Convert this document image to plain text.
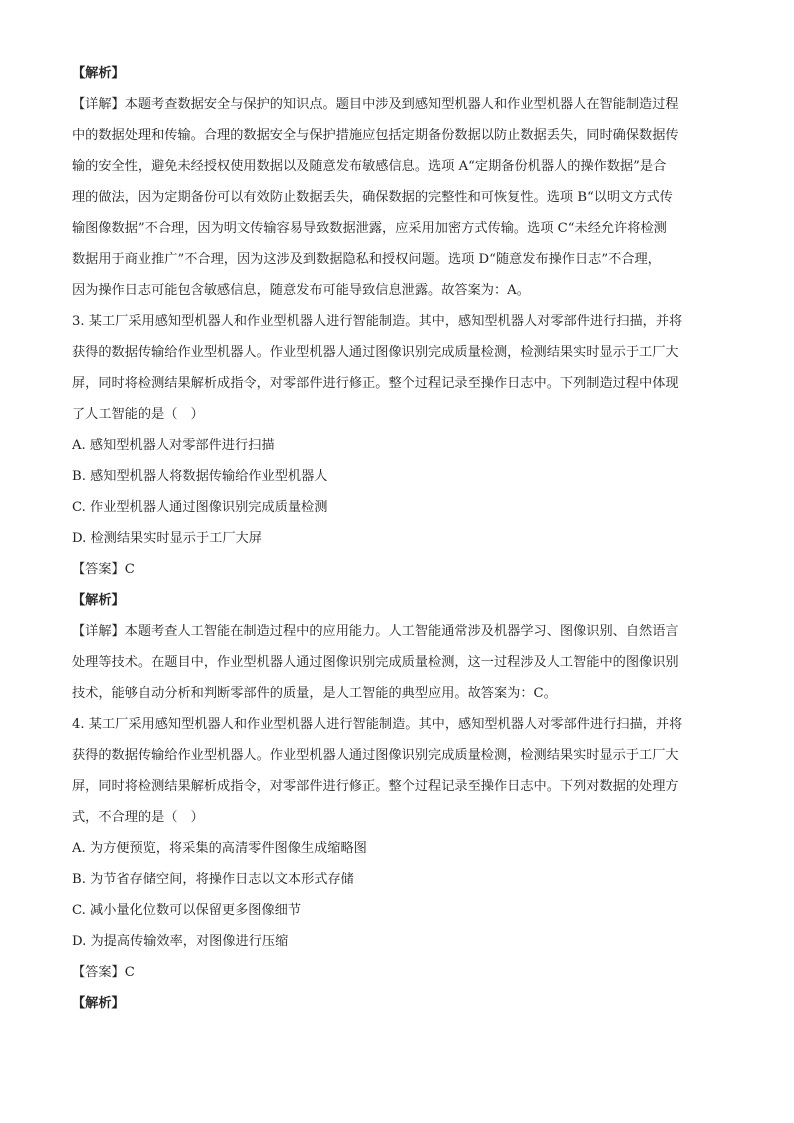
【解析】
【详解】本题考查数据安全与保护的知识点。题目中涉及到感知型机器人和作业型机器人在智能制造过程
中的数据处理和传输。合理的数据安全与保护措施应包括定期备份数据以防止数据丢失，同时确保数据传
输的安全性，避免未经授权使用数据以及随意发布敏感信息。选项 A“定期备份机器人的操作数据”是合
理的做法，因为定期备份可以有效防止数据丢失，确保数据的完整性和可恢复性。选项 B“以明文方式传
输图像数据”不合理，因为明文传输容易导致数据泄露，应采用加密方式传输。选项 C“未经允许将检测
数据用于商业推广”不合理，因为这涉及到数据隐私和授权问题。选项 D“随意发布操作日志”不合理，
因为操作日志可能包含敏感信息，随意发布可能导致信息泄露。故答案为：A。
3. 某工厂采用感知型机器人和作业型机器人进行智能制造。其中，感知型机器人对零部件进行扫描，并将
获得的数据传输给作业型机器人。作业型机器人通过图像识别完成质量检测，检测结果实时显示于工厂大
屏，同时将检测结果解析成指令，对零部件进行修正。整个过程记录至操作日志中。下列制造过程中体现
了人工智能的是（　）
A. 感知型机器人对零部件进行扫描
B. 感知型机器人将数据传输给作业型机器人
C. 作业型机器人通过图像识别完成质量检测
D. 检测结果实时显示于工厂大屏
【答案】C
【解析】
【详解】本题考查人工智能在制造过程中的应用能力。人工智能通常涉及机器学习、图像识别、自然语言
处理等技术。在题目中，作业型机器人通过图像识别完成质量检测，这一过程涉及人工智能中的图像识别
技术，能够自动分析和判断零部件的质量，是人工智能的典型应用。故答案为：C。
4. 某工厂采用感知型机器人和作业型机器人进行智能制造。其中，感知型机器人对零部件进行扫描，并将
获得的数据传输给作业型机器人。作业型机器人通过图像识别完成质量检测，检测结果实时显示于工厂大
屏，同时将检测结果解析成指令，对零部件进行修正。整个过程记录至操作日志中。下列对数据的处理方
式，不合理的是（　）
A. 为方便预览，将采集的高清零件图像生成缩略图
B. 为节省存储空间，将操作日志以文本形式存储
C. 减小量化位数可以保留更多图像细节
D. 为提高传输效率，对图像进行压缩
【答案】C
【解析】
